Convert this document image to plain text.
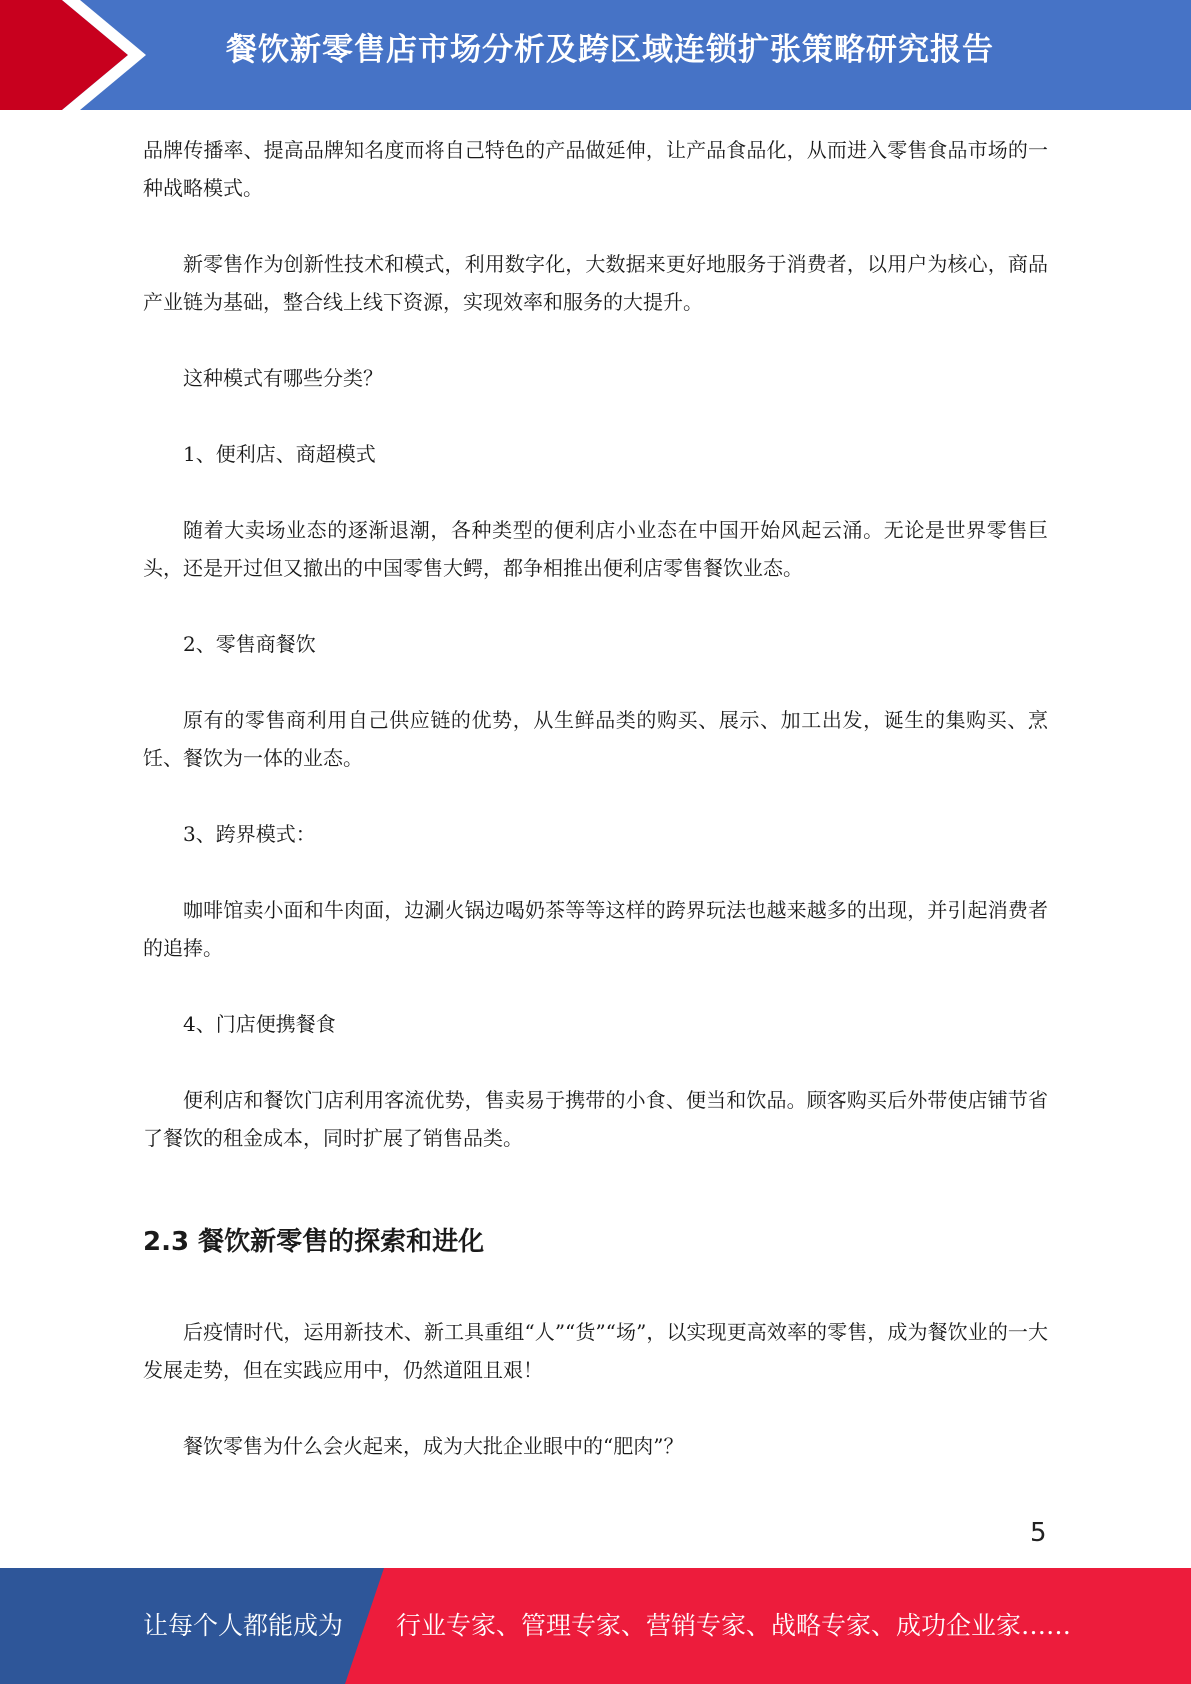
餐饮新零售店市场分析及跨区域连锁扩张策略研究报告

品牌传播率、提高品牌知名度而将自己特色的产品做延伸，让产品食品化，从而进入零售食品市场的一种战略模式。

新零售作为创新性技术和模式，利用数字化，大数据来更好地服务于消费者，以用户为核心，商品产业链为基础，整合线上线下资源，实现效率和服务的大提升。

这种模式有哪些分类？

1、便利店、商超模式

随着大卖场业态的逐渐退潮，各种类型的便利店小业态在中国开始风起云涌。无论是世界零售巨头，还是开过但又撤出的中国零售大鳄，都争相推出便利店零售餐饮业态。

2、零售商餐饮

原有的零售商利用自己供应链的优势，从生鲜品类的购买、展示、加工出发，诞生的集购买、烹饪、餐饮为一体的业态。

3、跨界模式：

咖啡馆卖小面和牛肉面，边涮火锅边喝奶茶等等这样的跨界玩法也越来越多的出现，并引起消费者的追捧。

4、门店便携餐食

便利店和餐饮门店利用客流优势，售卖易于携带的小食、便当和饮品。顾客购买后外带使店铺节省了餐饮的租金成本，同时扩展了销售品类。

2.3 餐饮新零售的探索和进化

后疫情时代，运用新技术、新工具重组“人”“货”“场”，以实现更高效率的零售，成为餐饮业的一大发展走势，但在实践应用中，仍然道阻且艰！

餐饮零售为什么会火起来，成为大批企业眼中的“肥肉”？

5
让每个人都能成为 行业专家、管理专家、营销专家、战略专家、成功企业家……
